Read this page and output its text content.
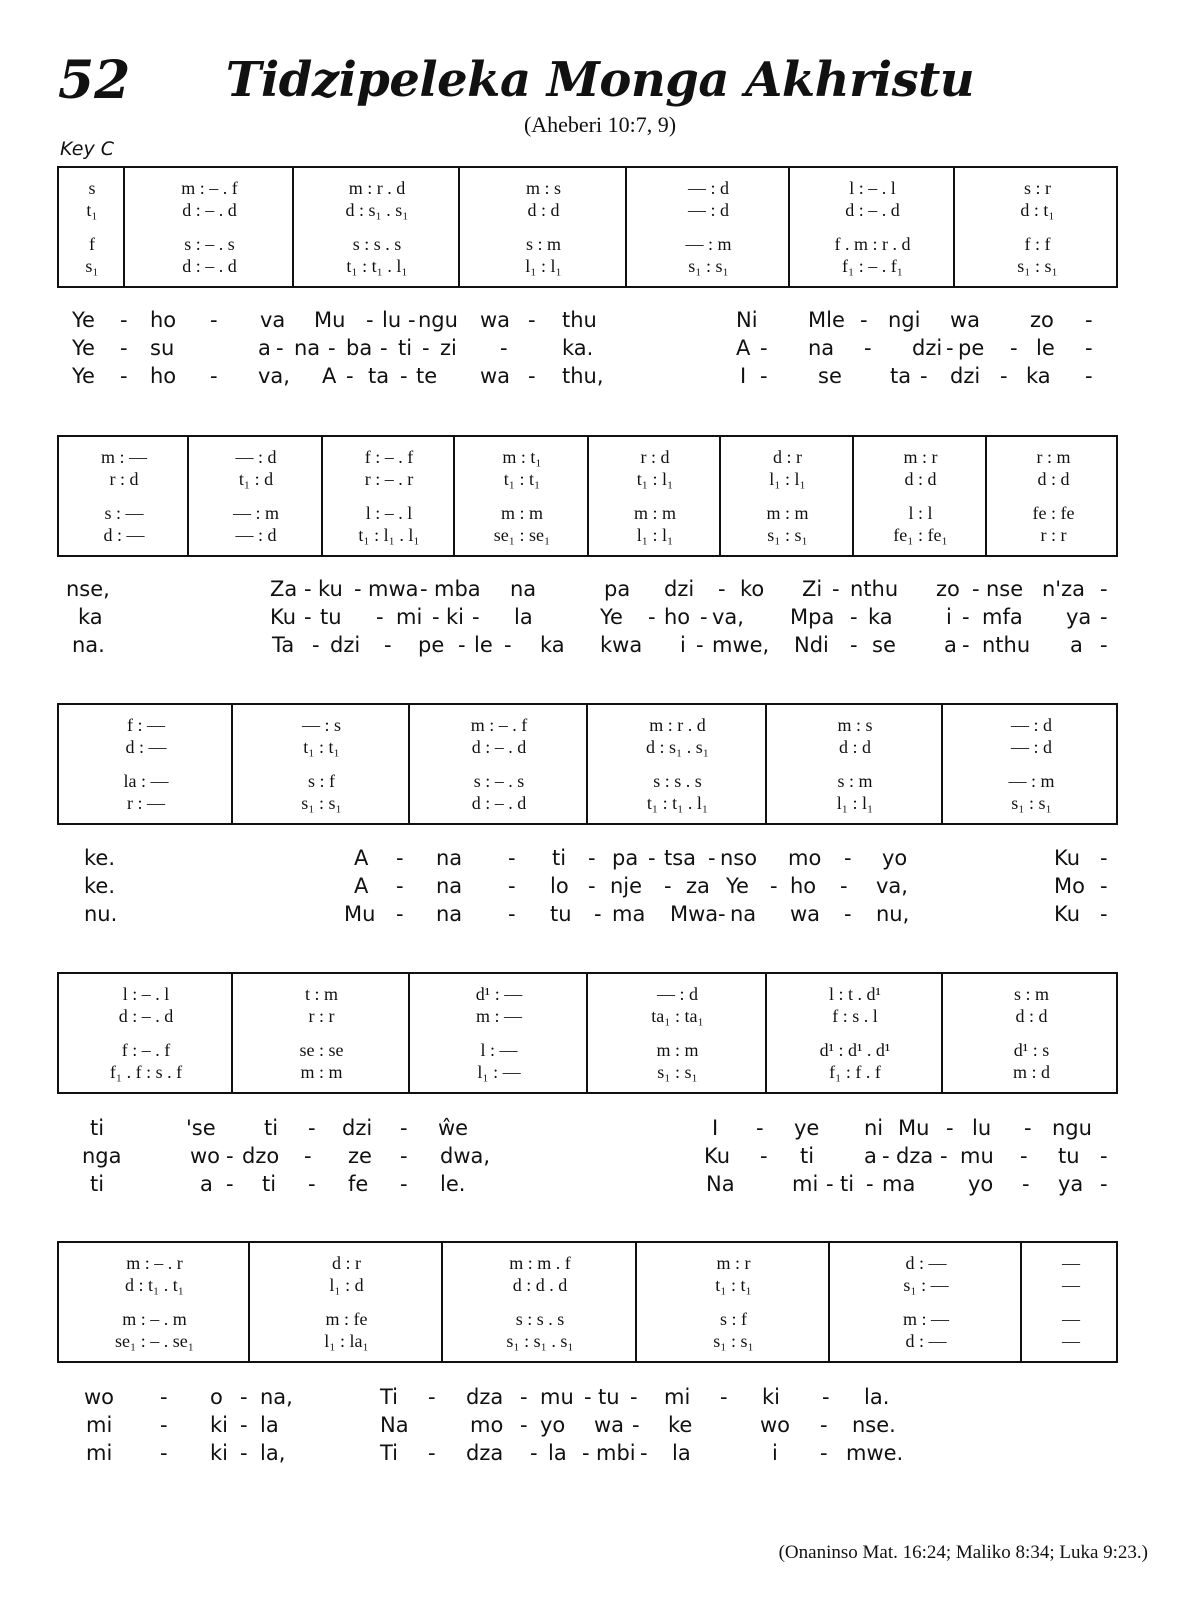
52	Tidzipeleka Monga Akhristu
(Aheberi 10:7, 9)
Key C
s	m : – . f	m : r . d	m : s	— : d	l : – . l	s : r
t₁	d : – . d	d : s₁ . s₁	d : d	— : d	d : – . d	d : t₁
f	s : – . s	s : s . s	s : m	— : m	f . m : r . d	f : f
s₁	d : – . d	t₁ : t₁ . l₁	l₁ : l₁	s₁ : s₁	f₁ : – . f₁	s₁ : s₁
Ye - ho - va Mu - lu - ngu wa - thu	Ni Mle - ngi wa zo -
Ye - su	a - na - ba - ti - zi -	ka.	A - na - dzi - pe - le -
Ye - ho - va, A - ta - te wa - thu,	I - se ta - dzi - ka -
m : —	— : d	f : – . f	m : t₁	r : d	d : r	m : r	r : m
r : d	t₁ : d	r : – . r	t₁ : t₁	t₁ : l₁	l₁ : l₁	d : d	d : d
s : —	— : m	l : – . l	m : m	m : m	m : m	l : l	fe : fe
d : —	— : d	t₁ : l₁ . l₁	se₁ : se₁	l₁ : l₁	s₁ : s₁	fe₁ : fe₁	r : r
nse,	Za - ku - mwa - mba na	pa dzi - ko Zi - nthu zo - nse n'za -
ka	Ku - tu - mi - ki - la	Ye - ho - va, Mpa - ka	i - mfa ya -
na.	Ta - dzi - pe - le - ka kwa i - mwe, Ndi - se a - nthu a -
f : —	— : s	m : – . f	m : r . d	m : s	— : d
d : —	t₁ : t₁	d : – . d	d : s₁ . s₁	d : d	— : d
la : —	s : f	s : – . s	s : s . s	s : m	— : m
r : —	s₁ : s₁	d : – . d	t₁ : t₁ . l₁	l₁ : l₁	s₁ : s₁
ke.	A - na - ti - pa - tsa - nso mo - yo	Ku -
ke.	A - na - lo - nje - za Ye - ho - va,	Mo -
nu.	Mu - na - tu - ma Mwa - na wa - nu,	Ku -
l : – . l	t : m	d¹ : —	— : d	l : t . d¹	s : m
d : – . d	r : r	m : —	ta₁ : ta₁	f : s . l	d : d
f : – . f	se : se	l : —	m : m	d¹ : d¹ . d¹	d¹ : s
f₁ . f : s . f	m : m	l₁ : —	s₁ : s₁	f₁ : f . f	m : d
ti	'se ti - dzi - ŵe	I - ye ni Mu - lu - ngu
nga	wo - dzo - ze - dwa,	Ku - ti a - dza - mu - tu -
ti	a - ti - fe - le.	Na	mi - ti - ma	yo - ya -
m : – . r	d : r	m : m . f	m : r	d : —	—
d : t₁ . t₁	l₁ : d	d : d . d	t₁ : t₁	s₁ : —	—
m : – . m	m : fe	s : s . s	s : f	m : —	—
se₁ : – . se₁	l₁ : la₁	s₁ : s₁ . s₁	s₁ : s₁	d : —	—
wo - o - na,	Ti - dza - mu - tu - mi - ki - la.
mi - ki - la	Na	mo - yo wa - ke	wo - nse.
mi - ki - la,	Ti - dza - la - mbi - la	i - mwe.
(Onaninso Mat. 16:24; Maliko 8:34; Luka 9:23.)
